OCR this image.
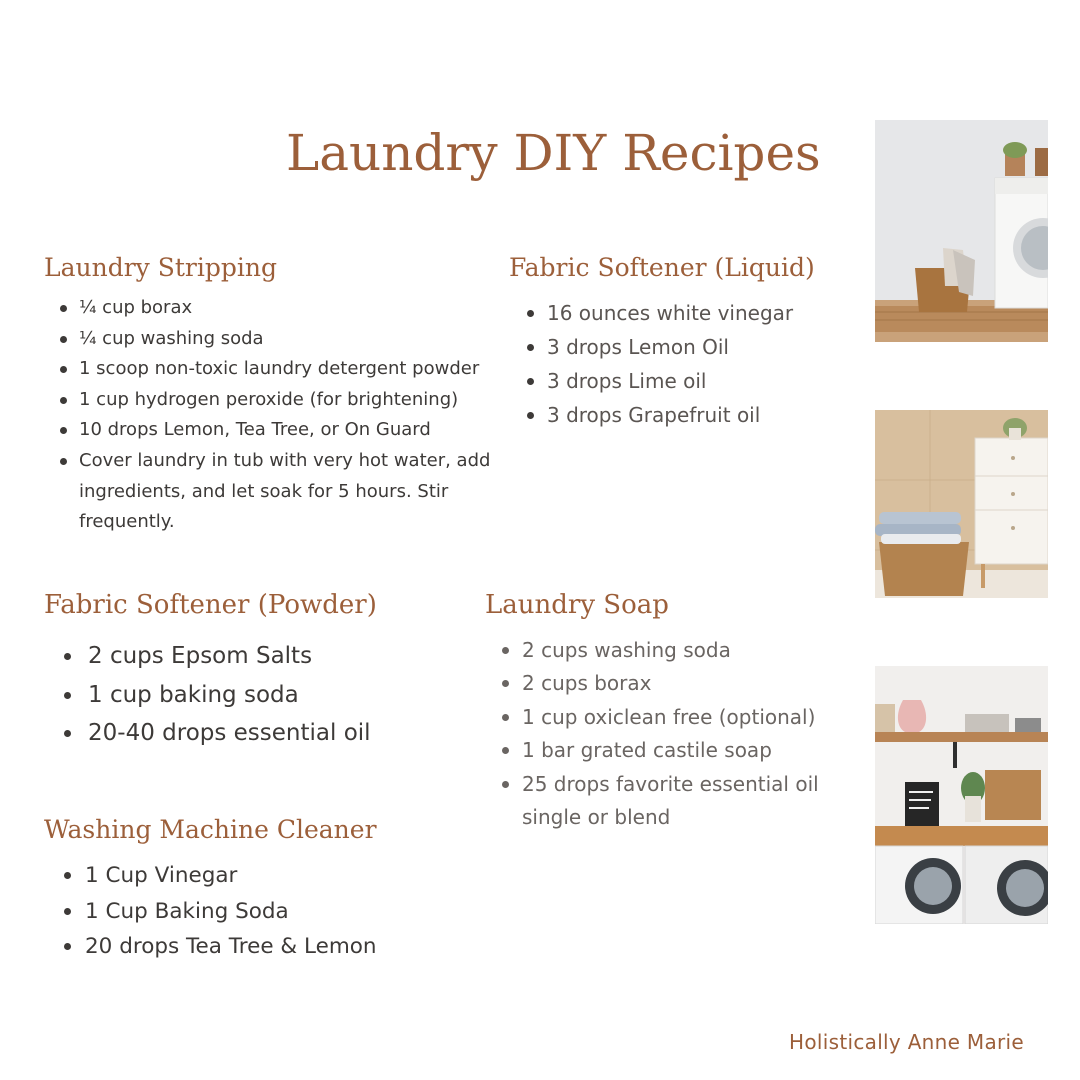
Laundry DIY Recipes
Laundry Stripping
¼ cup borax
¼ cup washing soda
1 scoop non-toxic laundry detergent powder
1 cup hydrogen peroxide (for brightening)
10 drops Lemon, Tea Tree, or On Guard
Cover laundry in tub with very hot water, add ingredients, and let soak for 5 hours. Stir frequently.
Fabric Softener (Liquid)
16 ounces white vinegar
3 drops Lemon Oil
3 drops Lime oil
3 drops Grapefruit oil
Fabric Softener (Powder)
2 cups Epsom Salts
1 cup baking soda
20-40 drops essential oil
Laundry Soap
2 cups washing soda
2 cups borax
1 cup oxiclean free (optional)
1 bar grated castile soap
25 drops favorite essential oil single or blend
Washing Machine Cleaner
1 Cup Vinegar
1 Cup Baking Soda
20 drops Tea Tree & Lemon
Holistically Anne Marie
